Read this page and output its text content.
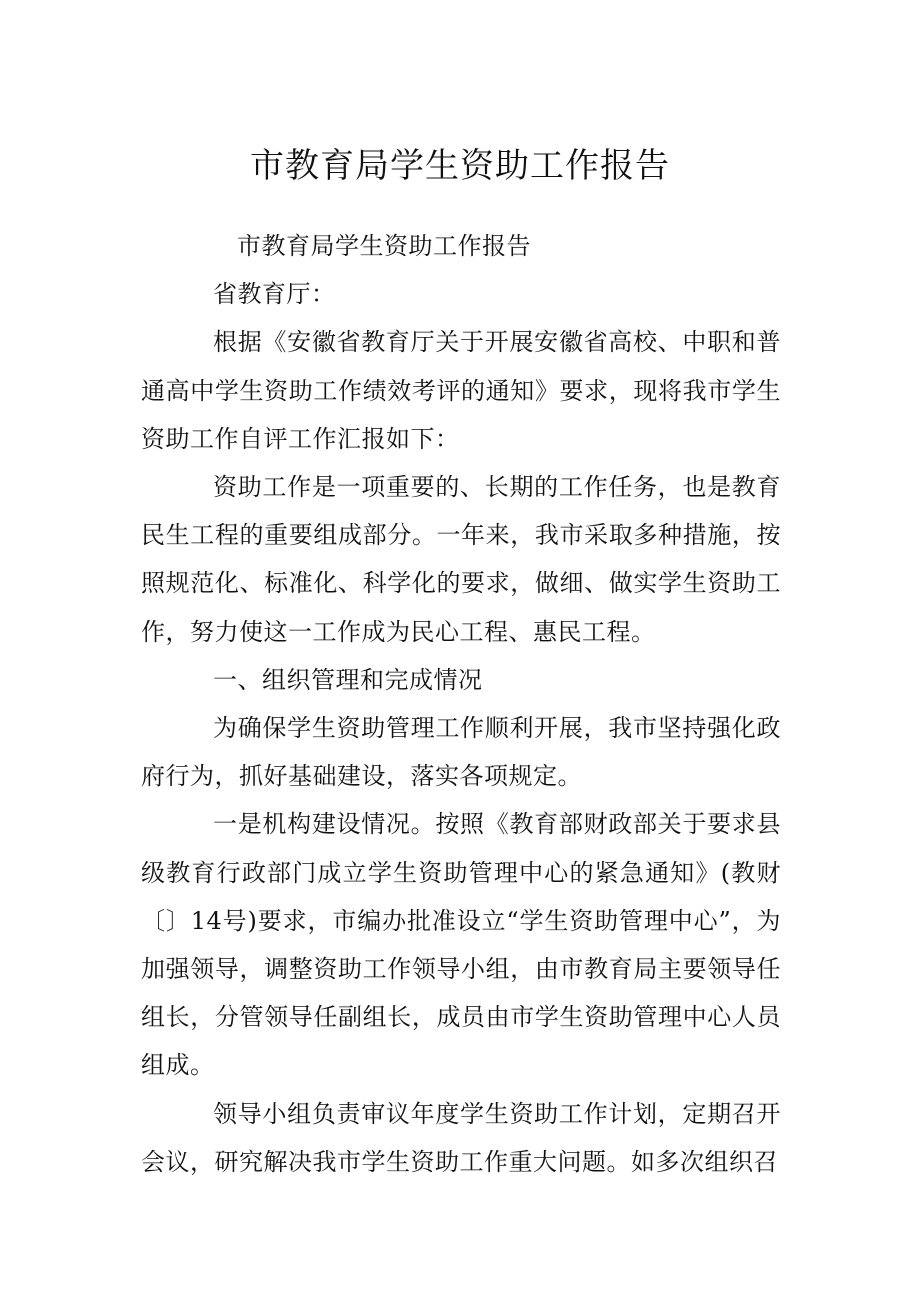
市教育局学生资助工作报告

市教育局学生资助工作报告

省教育厅：

根据《安徽省教育厅关于开展安徽省高校、中职和普通高中学生资助工作绩效考评的通知》要求，现将我市学生资助工作自评工作汇报如下：

资助工作是一项重要的、长期的工作任务，也是教育民生工程的重要组成部分。一年来，我市采取多种措施，按照规范化、标准化、科学化的要求，做细、做实学生资助工作，努力使这一工作成为民心工程、惠民工程。

一、组织管理和完成情况

为确保学生资助管理工作顺利开展，我市坚持强化政府行为，抓好基础建设，落实各项规定。

一是机构建设情况。按照《教育部财政部关于要求县级教育行政部门成立学生资助管理中心的紧急通知》(教财〔〕14号)要求，市编办批准设立“学生资助管理中心”，为加强领导，调整资助工作领导小组，由市教育局主要领导任组长，分管领导任副组长，成员由市学生资助管理中心人员组成。

领导小组负责审议年度学生资助工作计划，定期召开会议，研究解决我市学生资助工作重大问题。如多次组织召
